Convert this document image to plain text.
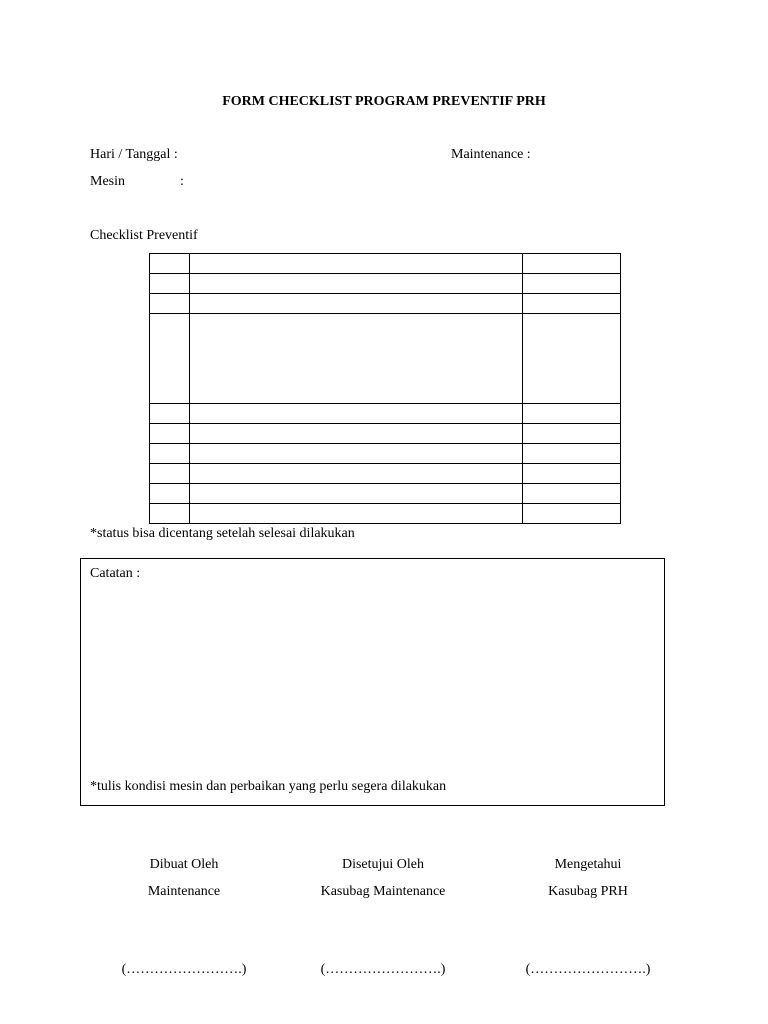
FORM CHECKLIST PROGRAM PREVENTIF PRH
Hari / Tanggal :	Maintenance :
Mesin	:
Checklist Preventif

*status bisa dicentang setelah selesai dilakukan
Catatan :
*tulis kondisi mesin dan perbaikan yang perlu segera dilakukan
Dibuat Oleh
Maintenance
Disetujui Oleh
Kasubag Maintenance
Mengetahui
Kasubag PRH
(…………………….)	(…………………….)	(…………………….)
